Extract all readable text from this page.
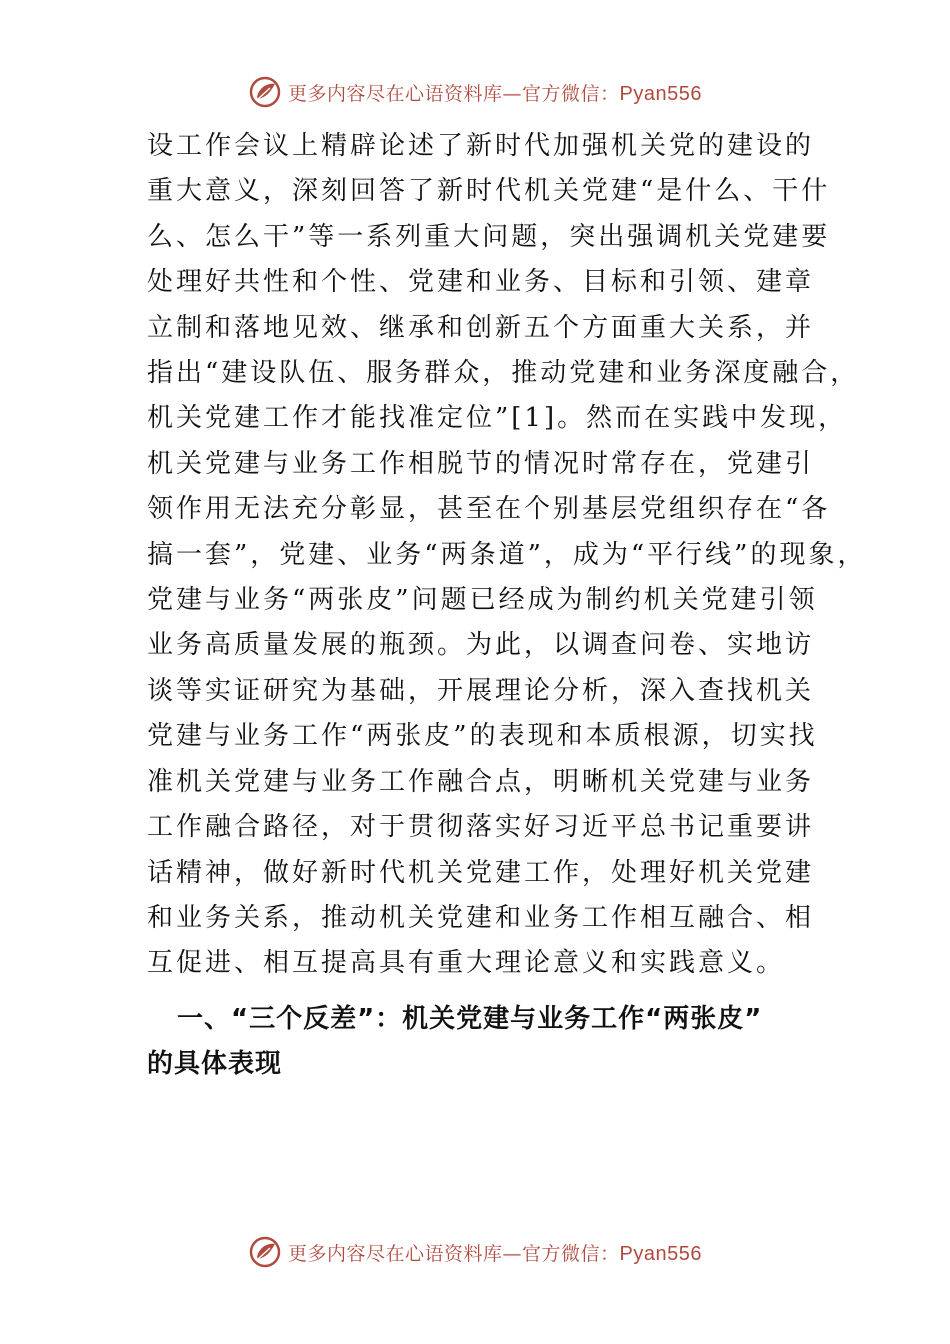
更多内容尽在心语资料库—官方微信：Pyan556

设工作会议上精辟论述了新时代加强机关党的建设的
重大意义，深刻回答了新时代机关党建“是什么、干什
么、怎么干”等一系列重大问题，突出强调机关党建要
处理好共性和个性、党建和业务、目标和引领、建章
立制和落地见效、继承和创新五个方面重大关系，并
指出“建设队伍、服务群众，推动党建和业务深度融合，
机关党建工作才能找准定位”[1]。然而在实践中发现，
机关党建与业务工作相脱节的情况时常存在，党建引
领作用无法充分彰显，甚至在个别基层党组织存在“各
搞一套”，党建、业务“两条道”，成为“平行线”的现象，
党建与业务“两张皮”问题已经成为制约机关党建引领
业务高质量发展的瓶颈。为此，以调查问卷、实地访
谈等实证研究为基础，开展理论分析，深入查找机关
党建与业务工作“两张皮”的表现和本质根源，切实找
准机关党建与业务工作融合点，明晰机关党建与业务
工作融合路径，对于贯彻落实好习近平总书记重要讲
话精神，做好新时代机关党建工作，处理好机关党建
和业务关系，推动机关党建和业务工作相互融合、相
互促进、相互提高具有重大理论意义和实践意义。

一、“三个反差”：机关党建与业务工作“两张皮”
的具体表现
更多内容尽在心语资料库—官方微信：Pyan556
